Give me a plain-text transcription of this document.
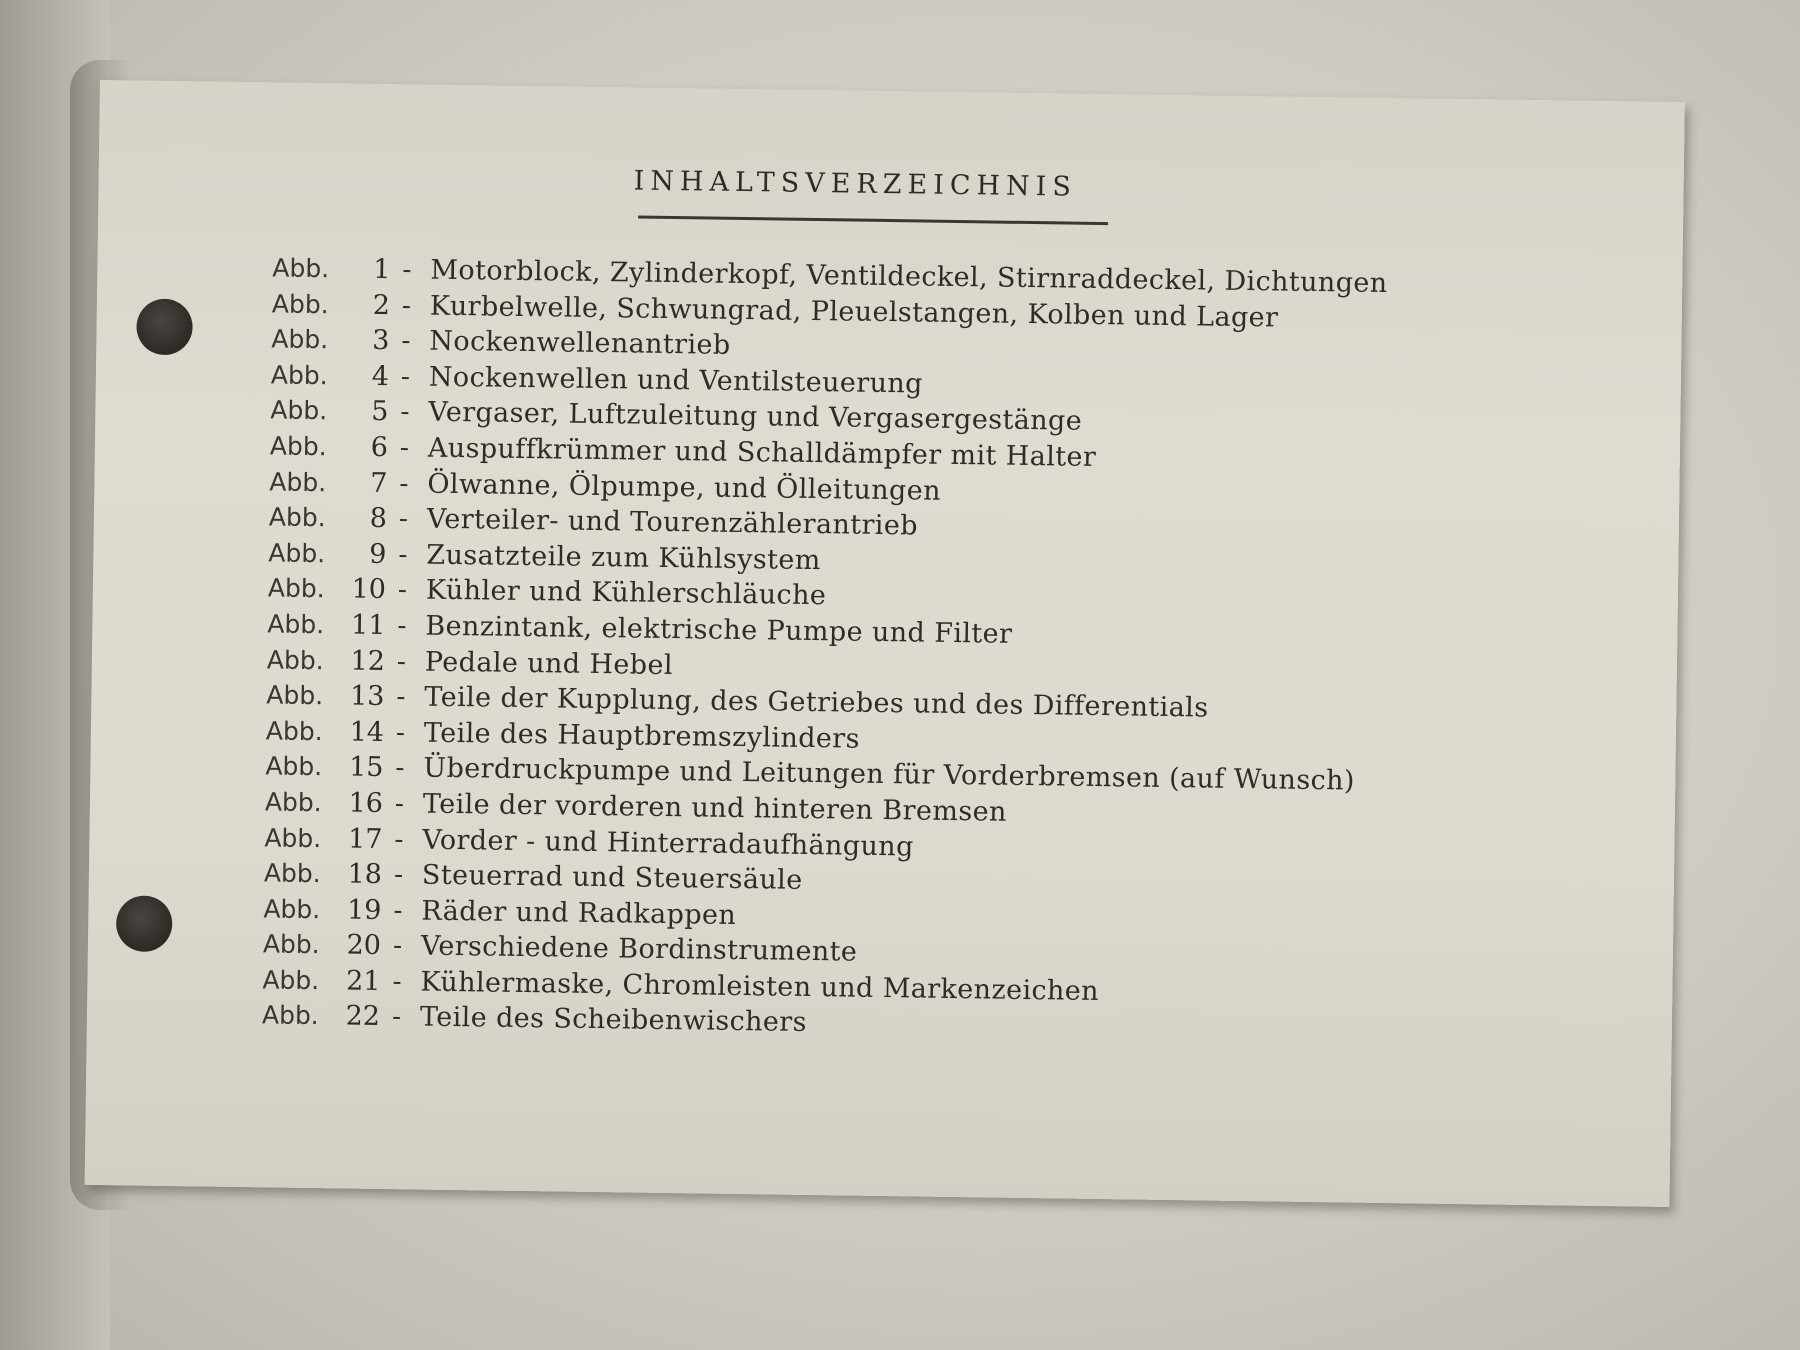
INHALTSVERZEICHNIS
Abb.	1 - Motorblock, Zylinderkopf, Ventildeckel, Stirnraddeckel, Dichtungen
Abb.	2 - Kurbelwelle, Schwungrad, Pleuelstangen, Kolben und Lager
Abb.	3 - Nockenwellenantrieb
Abb.	4 - Nockenwellen und Ventilsteuerung
Abb.	5 - Vergaser, Luftzuleitung und Vergasergestänge
Abb.	6 - Auspuffkrümmer und Schalldämpfer mit Halter
Abb.	7 - Ölwanne, Ölpumpe, und Ölleitungen
Abb.	8 - Verteiler- und Tourenzählerantrieb
Abb.	9 - Zusatzteile zum Kühlsystem
Abb. 10 - Kühler und Kühlerschläuche
Abb. 11 - Benzintank, elektrische Pumpe und Filter
Abb. 12 - Pedale und Hebel
Abb. 13 - Teile der Kupplung, des Getriebes und des Differentials
Abb. 14 - Teile des Hauptbremszylinders
Abb. 15 - Überdruckpumpe und Leitungen für Vorderbremsen (auf Wunsch)
Abb. 16 - Teile der vorderen und hinteren Bremsen
Abb. 17 - Vorder - und Hinterradaufhängung
Abb. 18 - Steuerrad und Steuersäule
Abb. 19 - Räder und Radkappen
Abb. 20 - Verschiedene Bordinstrumente
Abb. 21 - Kühlermaske, Chromleisten und Markenzeichen
Abb. 22 - Teile des Scheibenwischers
